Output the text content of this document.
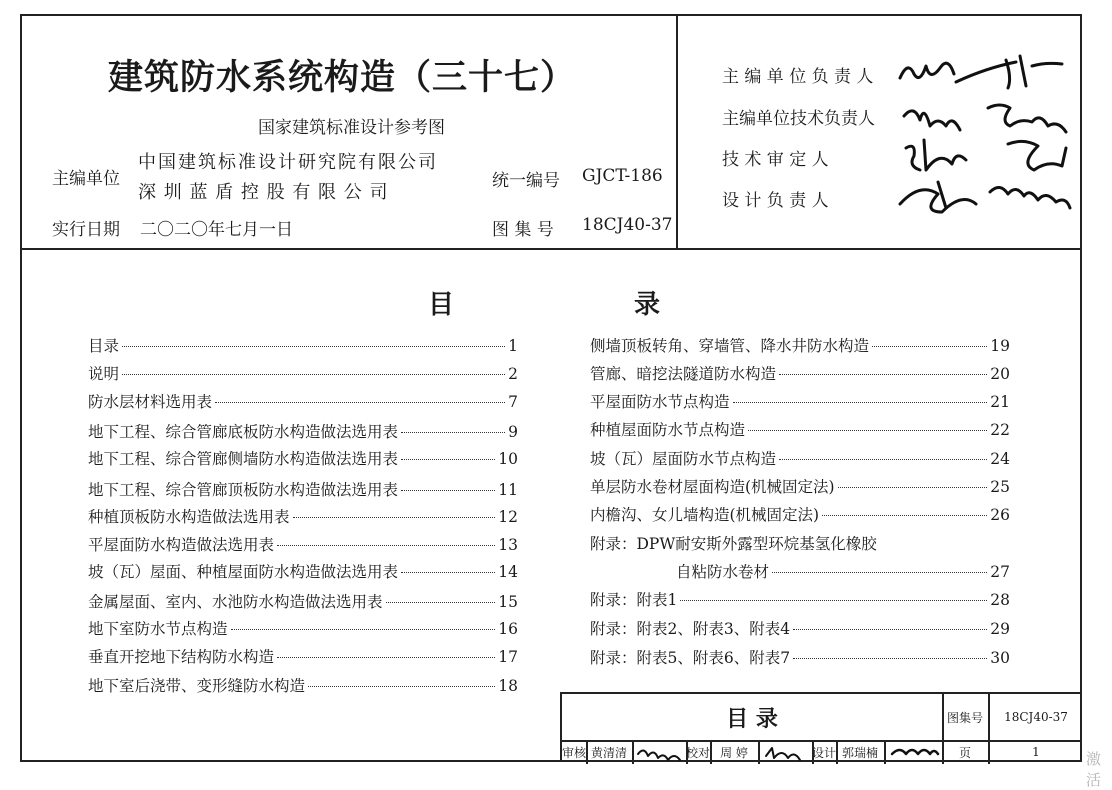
建筑防水系统构造（三十七）
国家建筑标准设计参考图
主编单位
中国建筑标准设计研究院有限公司
深 圳 蓝 盾 控 股 有 限 公 司
统一编号 GJCT-186
实行日期 二〇二〇年七月一日	图 集 号 18CJ40-37
主 编 单 位 负 责 人
主编单位技术负责人
技 术 审 定 人
设 计 负 责 人
目	录
目录	1
说明	2
防水层材料选用表	7
地下工程、综合管廊底板防水构造做法选用表	9
地下工程、综合管廊侧墙防水构造做法选用表	10
地下工程、综合管廊顶板防水构造做法选用表	11
种植顶板防水构造做法选用表	12
平屋面防水构造做法选用表	13
坡（瓦）屋面、种植屋面防水构造做法选用表	14
金属屋面、室内、水池防水构造做法选用表	15
地下室防水节点构造	16
垂直开挖地下结构防水构造	17
地下室后浇带、变形缝防水构造	18
侧墙顶板转角、穿墙管、降水井防水构造	19
管廊、暗挖法隧道防水构造	20
平屋面防水节点构造	21
种植屋面防水节点构造	22
坡（瓦）屋面防水节点构造	24
单层防水卷材屋面构造(机械固定法)	25
内檐沟、女儿墙构造(机械固定法)	26
附录：DPW耐安斯外露型环烷基氢化橡胶
自粘防水卷材	27
附录：附表1	28
附录：附表2、附表3、附表4	29
附录：附表5、附表6、附表7	30
目 录	图集号	18CJ40-37
审核 黄清清	校对 周 婷	设计 郭瑞楠	页	1	激活
